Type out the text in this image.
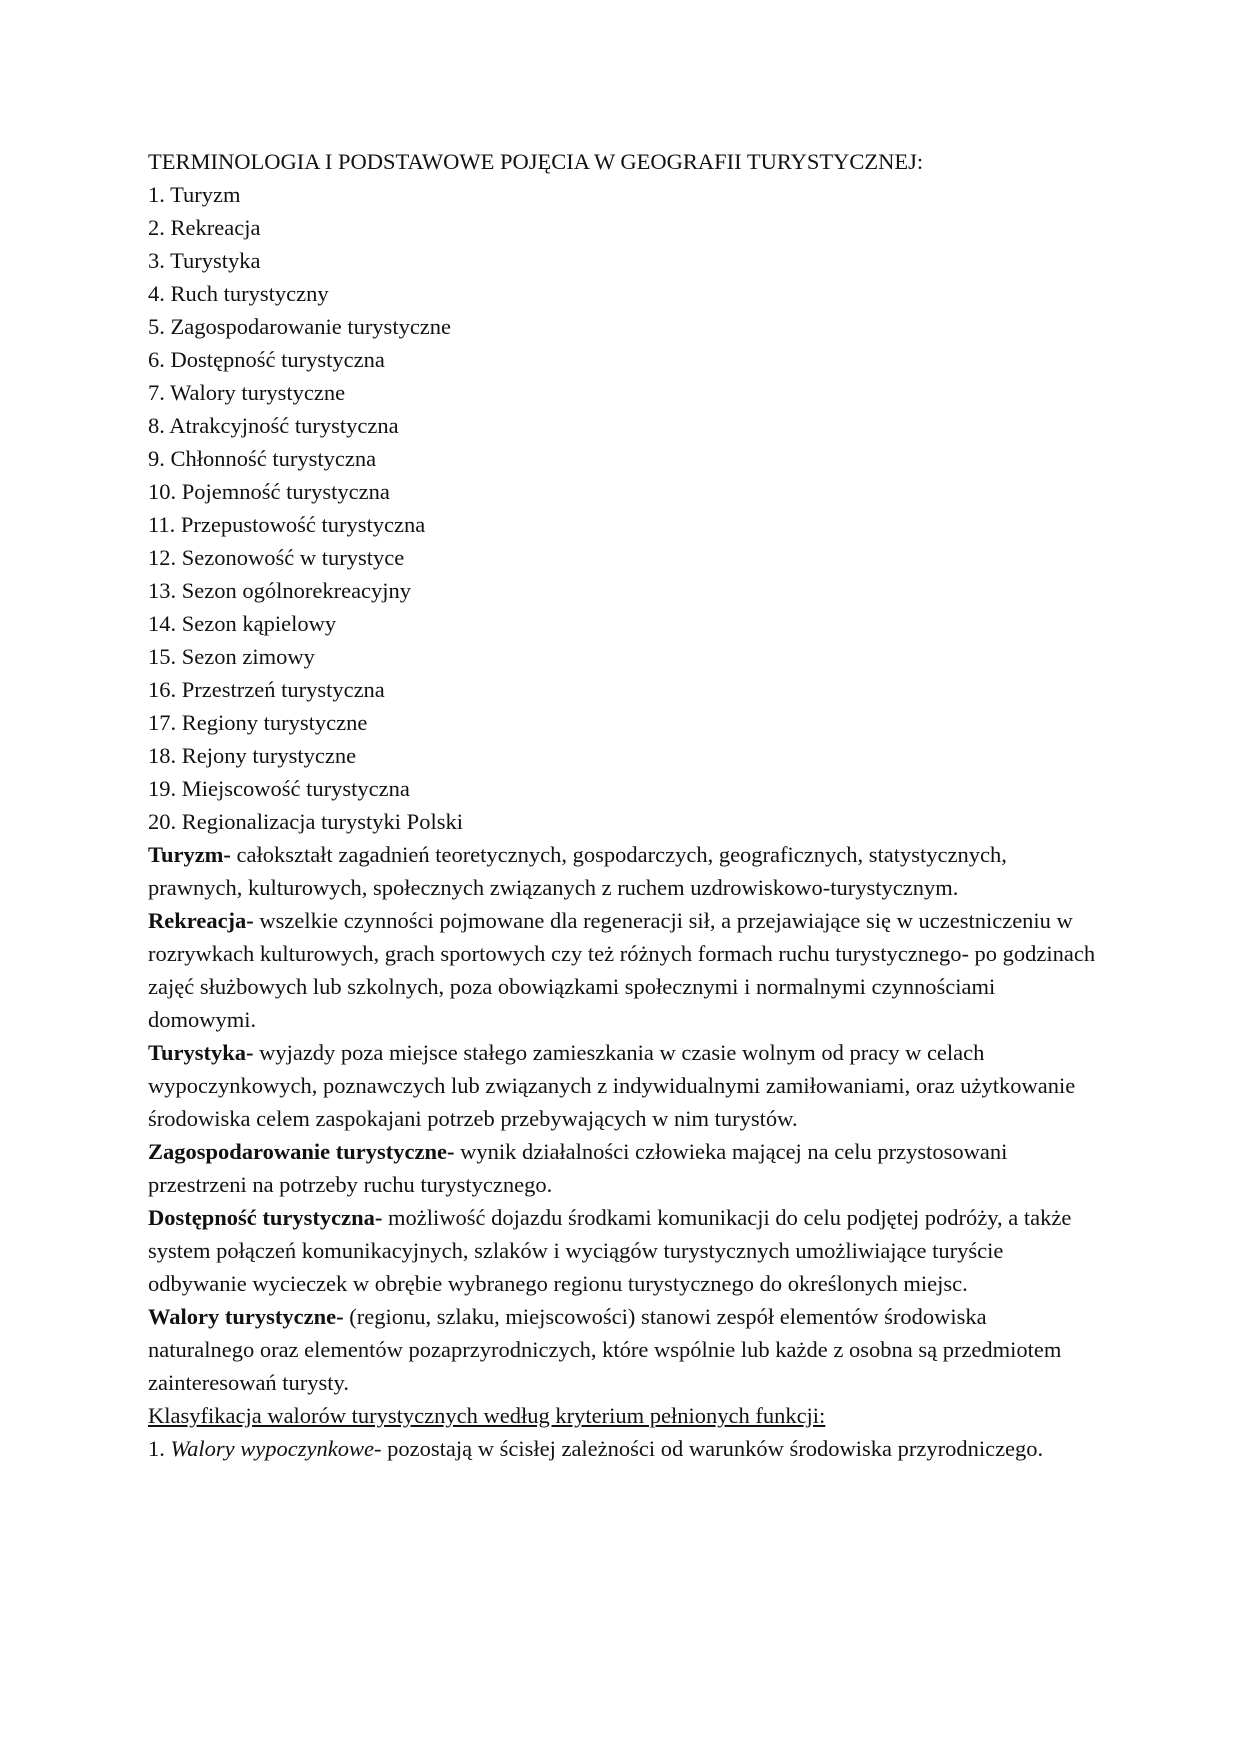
TERMINOLOGIA I PODSTAWOWE POJĘCIA W GEOGRAFII TURYSTYCZNEJ:

1. Turyzm

2. Rekreacja

3. Turystyka

4. Ruch turystyczny

5. Zagospodarowanie turystyczne

6. Dostępność turystyczna

7. Walory turystyczne

8. Atrakcyjność turystyczna

9. Chłonność turystyczna

10. Pojemność turystyczna

11. Przepustowość turystyczna

12. Sezonowość w turystyce

13. Sezon ogólnorekreacyjny

14. Sezon kąpielowy

15. Sezon zimowy

16. Przestrzeń turystyczna

17. Regiony turystyczne

18. Rejony turystyczne

19. Miejscowość turystyczna

20. Regionalizacja turystyki Polski

Turyzm- całokształt zagadnień teoretycznych, gospodarczych, geograficznych, statystycznych, prawnych, kulturowych, społecznych związanych z ruchem uzdrowiskowo-turystycznym.

Rekreacja- wszelkie czynności pojmowane dla regeneracji sił, a przejawiające się w uczestniczeniu w rozrywkach kulturowych, grach sportowych czy też różnych formach ruchu turystycznego- po godzinach zajęć służbowych lub szkolnych, poza obowiązkami społecznymi i normalnymi czynnościami domowymi.

Turystyka- wyjazdy poza miejsce stałego zamieszkania w czasie wolnym od pracy w celach wypoczynkowych, poznawczych lub związanych z indywidualnymi zamiłowaniami, oraz użytkowanie środowiska celem zaspokajani potrzeb przebywających w nim turystów.

Zagospodarowanie turystyczne- wynik działalności człowieka mającej na celu przystosowani przestrzeni na potrzeby ruchu turystycznego.

Dostępność turystyczna- możliwość dojazdu środkami komunikacji do celu podjętej podróży, a także system połączeń komunikacyjnych, szlaków i wyciągów turystycznych umożliwiające turyście odbywanie wycieczek w obrębie wybranego regionu turystycznego do określonych miejsc.

Walory turystyczne- (regionu, szlaku, miejscowości) stanowi zespół elementów środowiska naturalnego oraz elementów pozaprzyrodniczych, które wspólnie lub każde z osobna są przedmiotem zainteresowań turysty.

Klasyfikacja walorów turystycznych według kryterium pełnionych funkcji:

1. Walory wypoczynkowe- pozostają w ścisłej zależności od warunków środowiska przyrodniczego.
